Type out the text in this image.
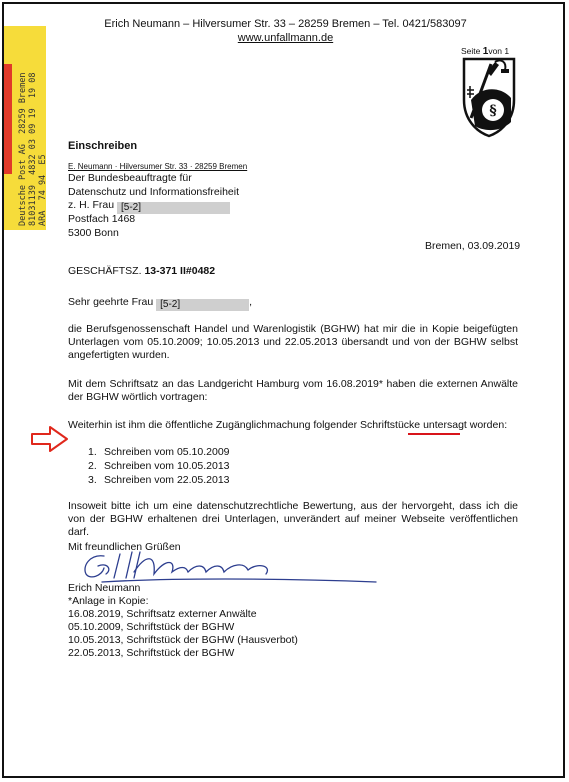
Deutsche Post AG  28259 Bremen
81031139  4832 03 09 19  19 08
ARA  74 94  E5
Erich Neumann – Hilversumer Str. 33 – 28259 Bremen – Tel. 0421/583097
www.unfallmann.de
Seite 1von 1
§
Einschreiben
E. Neumann · Hilversumer Str. 33 · 28259 Bremen
Der Bundesbeauftragte für
Datenschutz und Informationsfreiheit
z. H. Frau [5-2]
Postfach 1468
5300 Bonn
Bremen, 03.09.2019
GESCHÄFTSZ. 13-371 II#0482
Sehr geehrte Frau [5-2]	,
die Berufsgenossenschaft Handel und Warenlogistik (BGHW) hat mir die in Kopie beigefügten Unterlagen vom 05.10.2009; 10.05.2013 und 22.05.2013 übersandt und von der BGHW selbst angefertigten wurden.
Mit dem Schriftsatz an das Landgericht Hamburg vom 16.08.2019* haben die externen Anwälte der BGHW wörtlich vortragen:
Weiterhin ist ihm die öffentliche Zugänglichmachung folgender Schriftstücke untersagt worden:
1. Schreiben vom 05.10.2009
2. Schreiben vom 10.05.2013
3. Schreiben vom 22.05.2013
Insoweit bitte ich um eine datenschutzrechtliche Bewertung, aus der hervorgeht, dass ich die von der BGHW erhaltenen drei Unterlagen, unverändert auf meiner Webseite veröffentlichen darf.
Mit freundlichen Grüßen
Erich Neumann
*Anlage in Kopie:
16.08.2019, Schriftsatz externer Anwälte
05.10.2009, Schriftstück der BGHW
10.05.2013, Schriftstück der BGHW (Hausverbot)
22.05.2013, Schriftstück der BGHW
